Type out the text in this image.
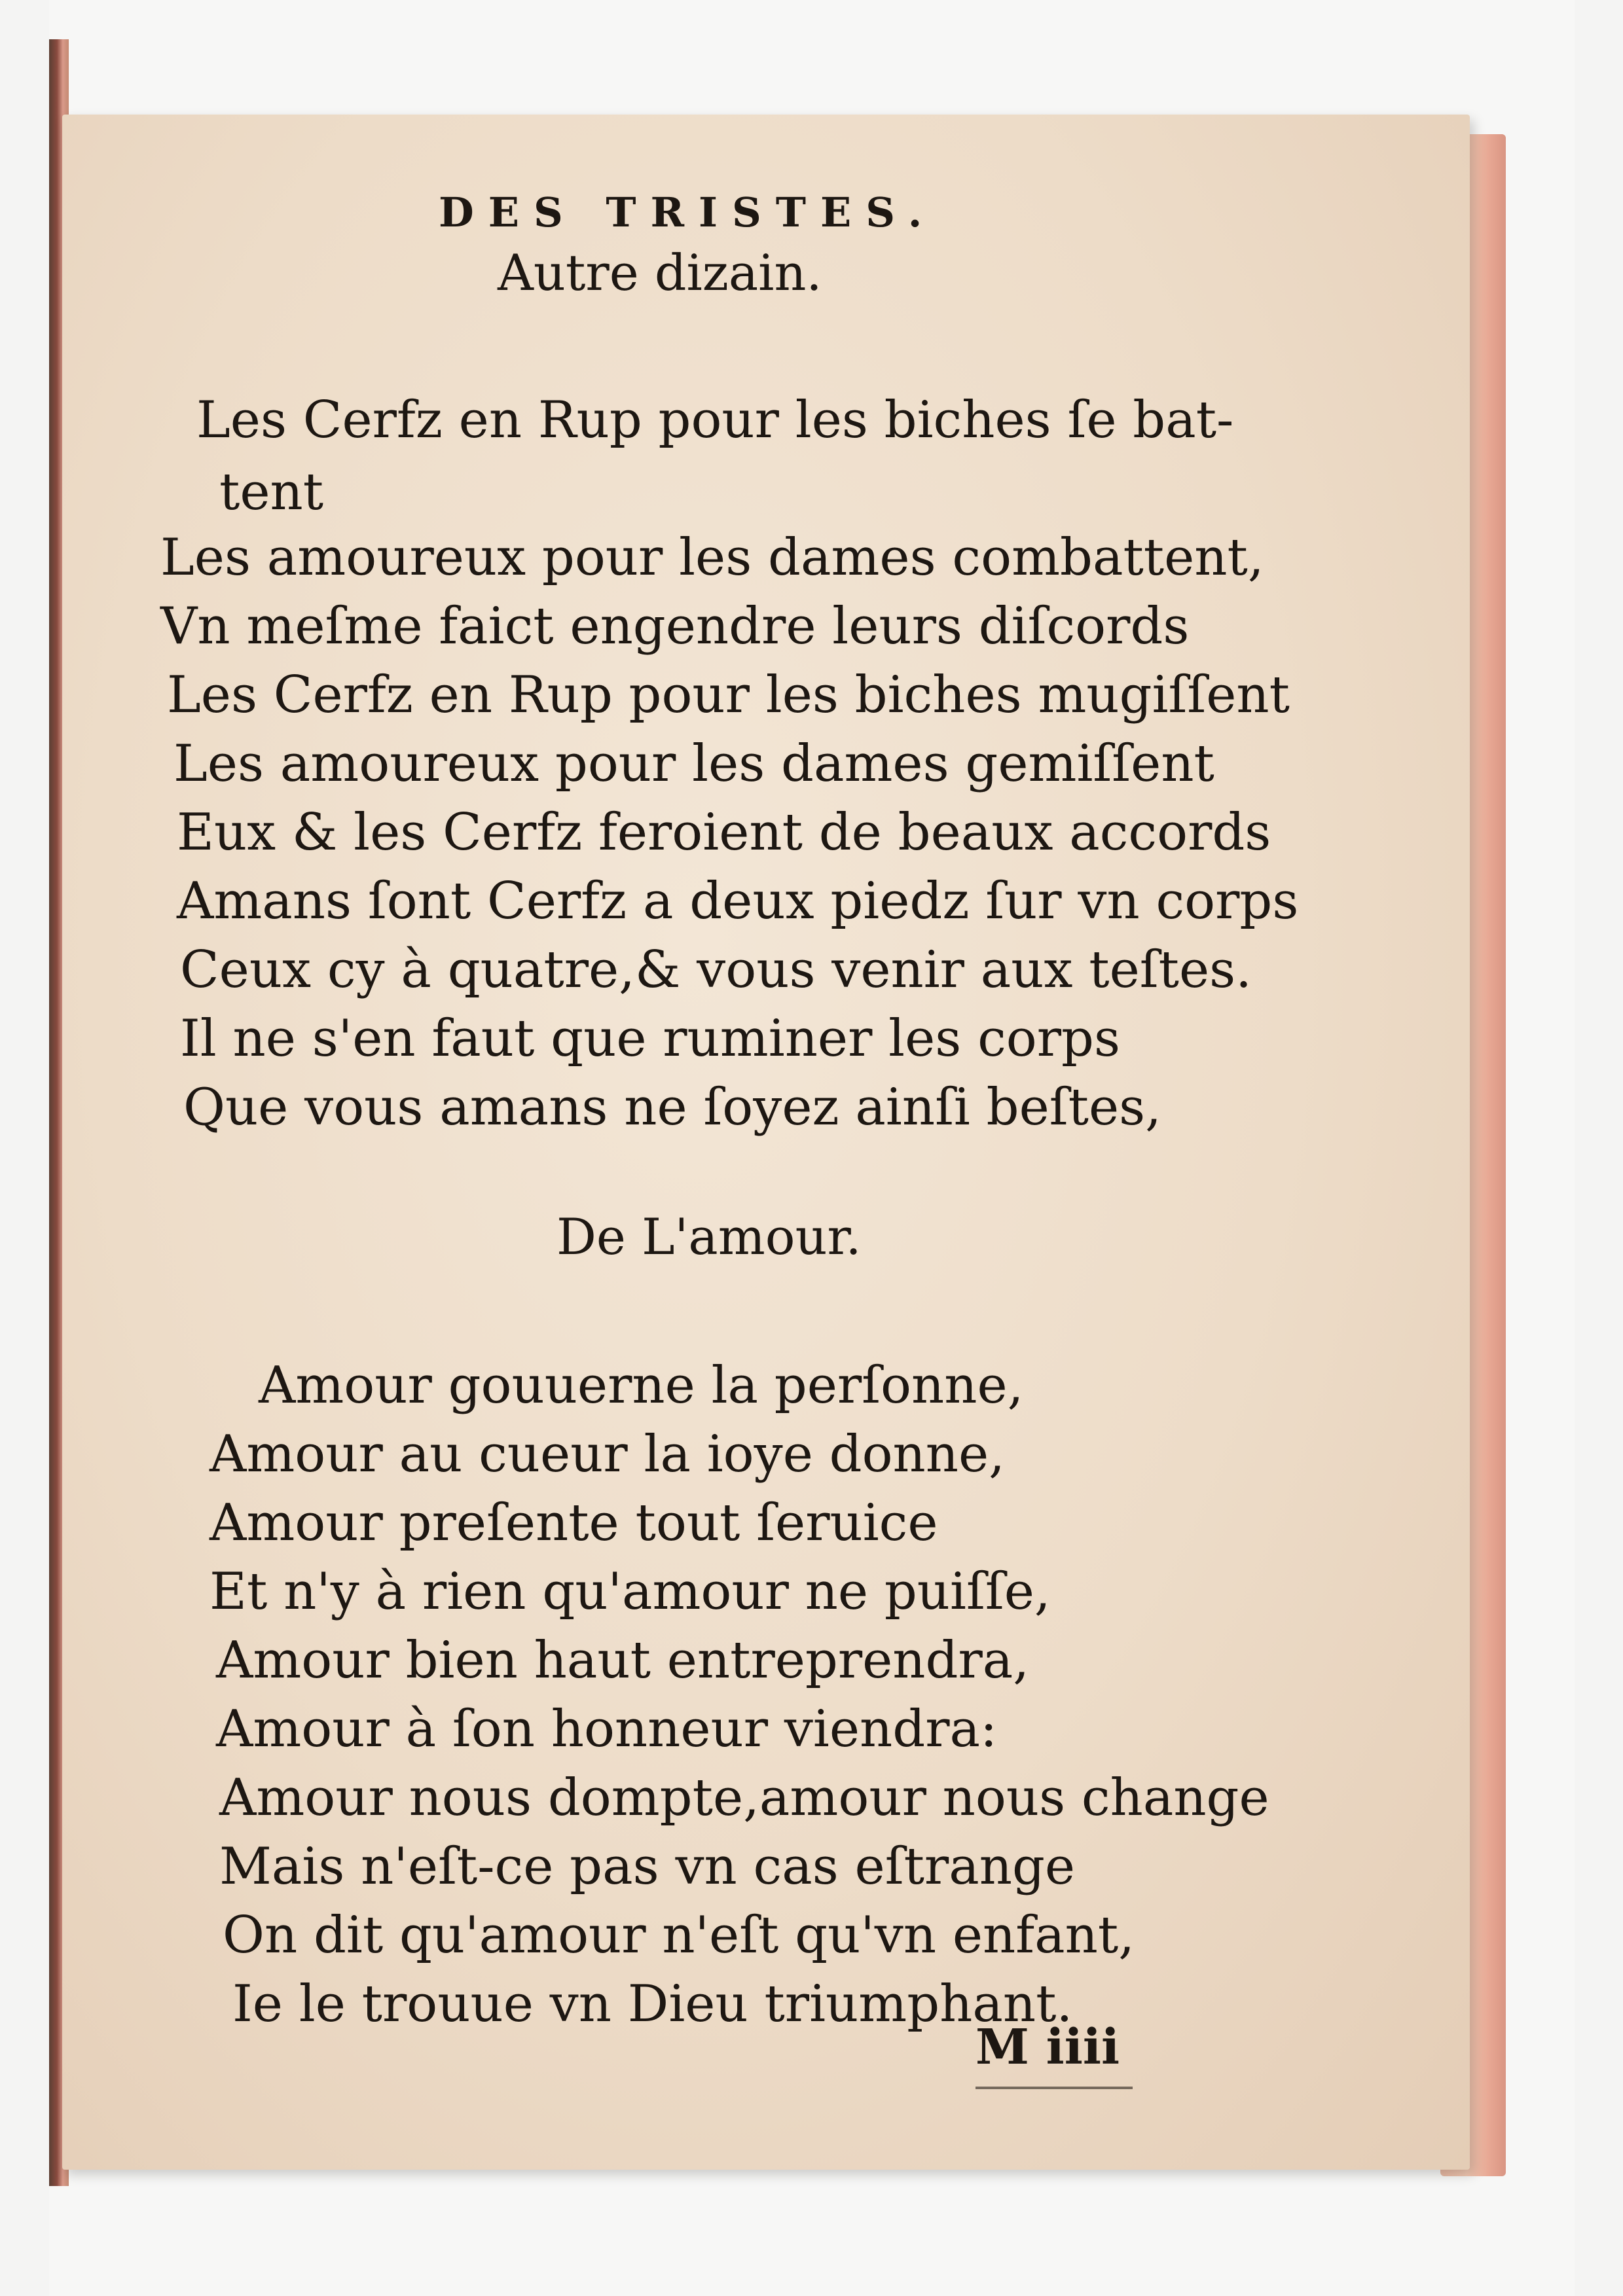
DES TRISTES.
Autre dizain.
Les Cerfz en Rup pour les biches ſe bat-
tent
Les amoureux pour les dames combattent,
Vn meſme faict engendre leurs diſcords
Les Cerfz en Rup pour les biches mugiſſent
Les amoureux pour les dames gemiſſent
Eux & les Cerfz feroient de beaux accords
Amans ſont Cerfz a deux piedz ſur vn corps
Ceux cy à quatre,& vous venir aux teſtes.
Il ne s'en faut que ruminer les corps
Que vous amans ne ſoyez ainſi beſtes,
De L'amour.
Amour gouuerne la perſonne,
Amour au cueur la ioye donne,
Amour preſente tout ſeruice
Et n'y à rien qu'amour ne puiſſe,
Amour bien haut entreprendra,
Amour à ſon honneur viendra:
Amour nous dompte,amour nous change
Mais n'eſt-ce pas vn cas eſtrange
On dit qu'amour n'eſt qu'vn enfant,
Ie le trouue vn Dieu triumphant.
M iiii
